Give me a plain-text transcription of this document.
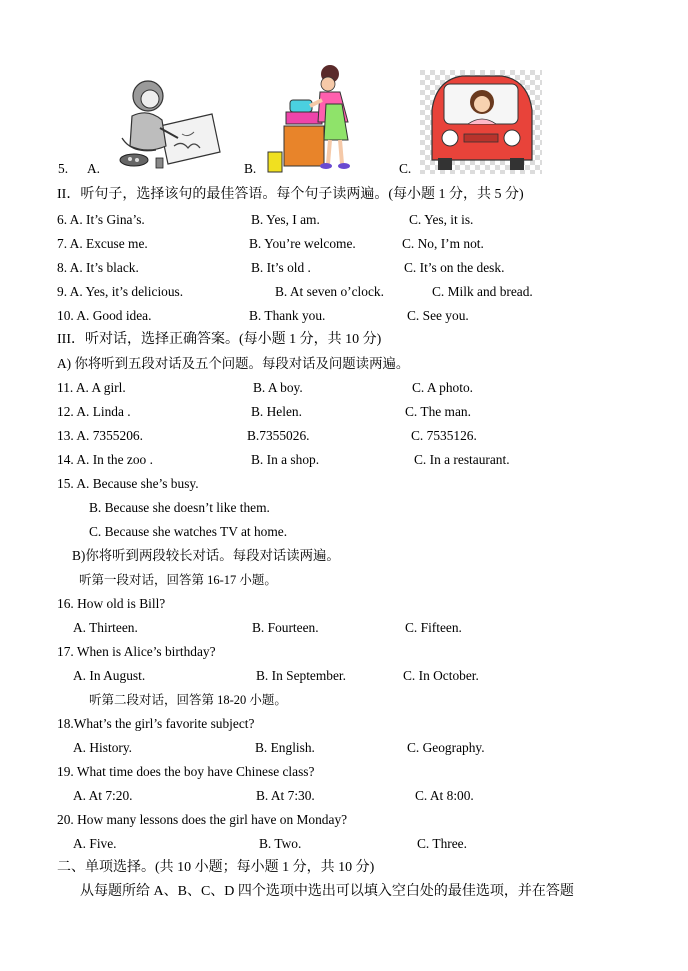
5. A.	B.	C.
II．听句子，选择该句的最佳答语。每个句子读两遍。(每小题 1 分，共 5 分)
6. A. It’s Gina’s.	B. Yes, I am.	C. Yes, it is.
7. A. Excuse me.	B. You’re welcome.	C. No, I’m not.
8. A. It’s black.	B. It’s old .	C. It’s on the desk.
9. A. Yes, it’s delicious.	B. At seven o’clock.	C. Milk and bread.
10. A. Good idea.	B. Thank you.	C. See you.
III．听对话，选择正确答案。(每小题 1 分，共 10 分)
A) 你将听到五段对话及五个问题。每段对话及问题读两遍。
11. A. A girl.	B. A boy.	C. A photo.
12. A. Linda .	B. Helen.	C. The man.
13. A. 7355206.	B.7355026.	C. 7535126.
14. A. In the zoo .	B. In a shop.	C. In a restaurant.
15. A. Because she’s busy.
B. Because she doesn’t like them.
C. Because she watches TV at home.
B)你将听到两段较长对话。每段对话读两遍。
听第一段对话，回答第 16-17 小题。
16. How old is Bill?
A. Thirteen.	B. Fourteen.	C. Fifteen.
17. When is Alice’s birthday?
A. In August.	B. In September.	C. In October.
听第二段对话，回答第 18-20 小题。
18.What’s the girl’s favorite subject?
A. History.	B. English.	C. Geography.
19. What time does the boy have Chinese class?
A. At 7:20.	B. At 7:30.	C. At 8:00.
20. How many lessons does the girl have on Monday?
A. Five.	B. Two.	C. Three.
二、单项选择。(共 10 小题；每小题 1 分，共 10 分)
从每题所给 A、B、C、D 四个选项中选出可以填入空白处的最佳选项，并在答题
